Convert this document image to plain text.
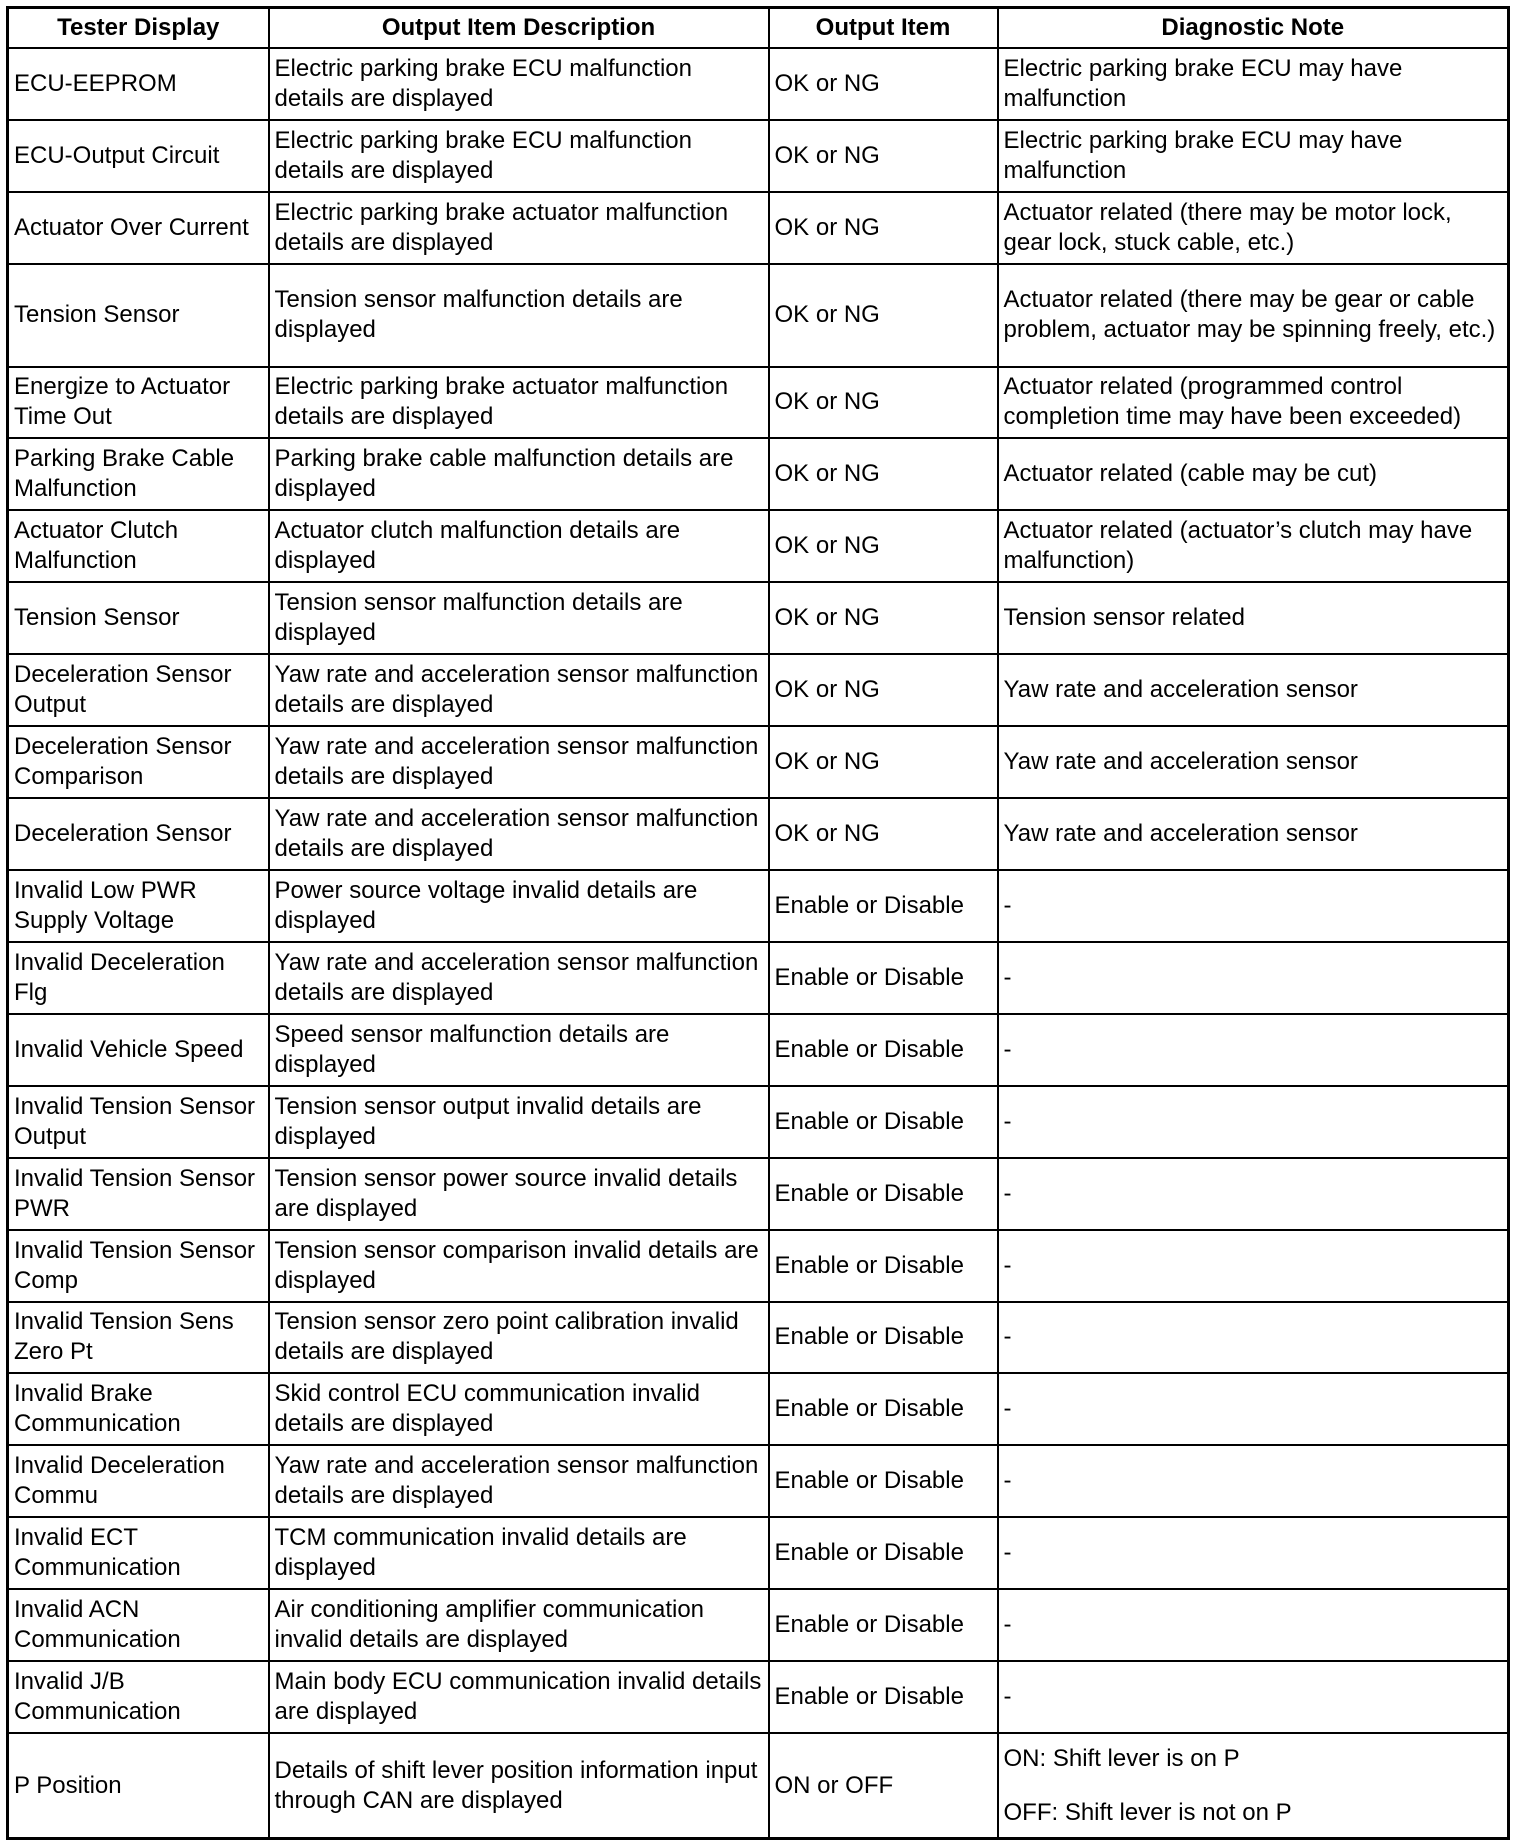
Tester Display	Output Item Description	Output Item	Diagnostic Note
ECU-EEPROM	Electric parking brake ECU malfunction details are displayed	OK or NG	Electric parking brake ECU may have malfunction
ECU-Output Circuit	Electric parking brake ECU malfunction details are displayed	OK or NG	Electric parking brake ECU may have malfunction
Actuator Over Current	Electric parking brake actuator malfunction details are displayed	OK or NG	Actuator related (there may be motor lock, gear lock, stuck cable, etc.)
Tension Sensor	Tension sensor malfunction details are displayed	OK or NG	Actuator related (there may be gear or cable problem, actuator may be spinning freely, etc.)
Energize to Actuator Time Out	Electric parking brake actuator malfunction details are displayed	OK or NG	Actuator related (programmed control completion time may have been exceeded)
Parking Brake Cable Malfunction	Parking brake cable malfunction details are displayed	OK or NG	Actuator related (cable may be cut)
Actuator Clutch Malfunction	Actuator clutch malfunction details are displayed	OK or NG	Actuator related (actuator’s clutch may have malfunction)
Tension Sensor	Tension sensor malfunction details are displayed	OK or NG	Tension sensor related
Deceleration Sensor Output	Yaw rate and acceleration sensor malfunction details are displayed	OK or NG	Yaw rate and acceleration sensor
Deceleration Sensor Comparison	Yaw rate and acceleration sensor malfunction details are displayed	OK or NG	Yaw rate and acceleration sensor
Deceleration Sensor	Yaw rate and acceleration sensor malfunction details are displayed	OK or NG	Yaw rate and acceleration sensor
Invalid Low PWR Supply Voltage	Power source voltage invalid details are displayed	Enable or Disable	-
Invalid Deceleration Flg	Yaw rate and acceleration sensor malfunction details are displayed	Enable or Disable	-
Invalid Vehicle Speed	Speed sensor malfunction details are displayed	Enable or Disable	-
Invalid Tension Sensor Output	Tension sensor output invalid details are displayed	Enable or Disable	-
Invalid Tension Sensor PWR	Tension sensor power source invalid details are displayed	Enable or Disable	-
Invalid Tension Sensor Comp	Tension sensor comparison invalid details are displayed	Enable or Disable	-
Invalid Tension Sens Zero Pt	Tension sensor zero point calibration invalid details are displayed	Enable or Disable	-
Invalid Brake Communication	Skid control ECU communication invalid details are displayed	Enable or Disable	-
Invalid Deceleration Commu	Yaw rate and acceleration sensor malfunction details are displayed	Enable or Disable	-
Invalid ECT Communication	TCM communication invalid details are displayed	Enable or Disable	-
Invalid ACN Communication	Air conditioning amplifier communication invalid details are displayed	Enable or Disable	-
Invalid J/B Communication	Main body ECU communication invalid details are displayed	Enable or Disable	-
P Position	Details of shift lever position information input through CAN are displayed	ON or OFF	ON: Shift lever is on P
OFF: Shift lever is not on P
